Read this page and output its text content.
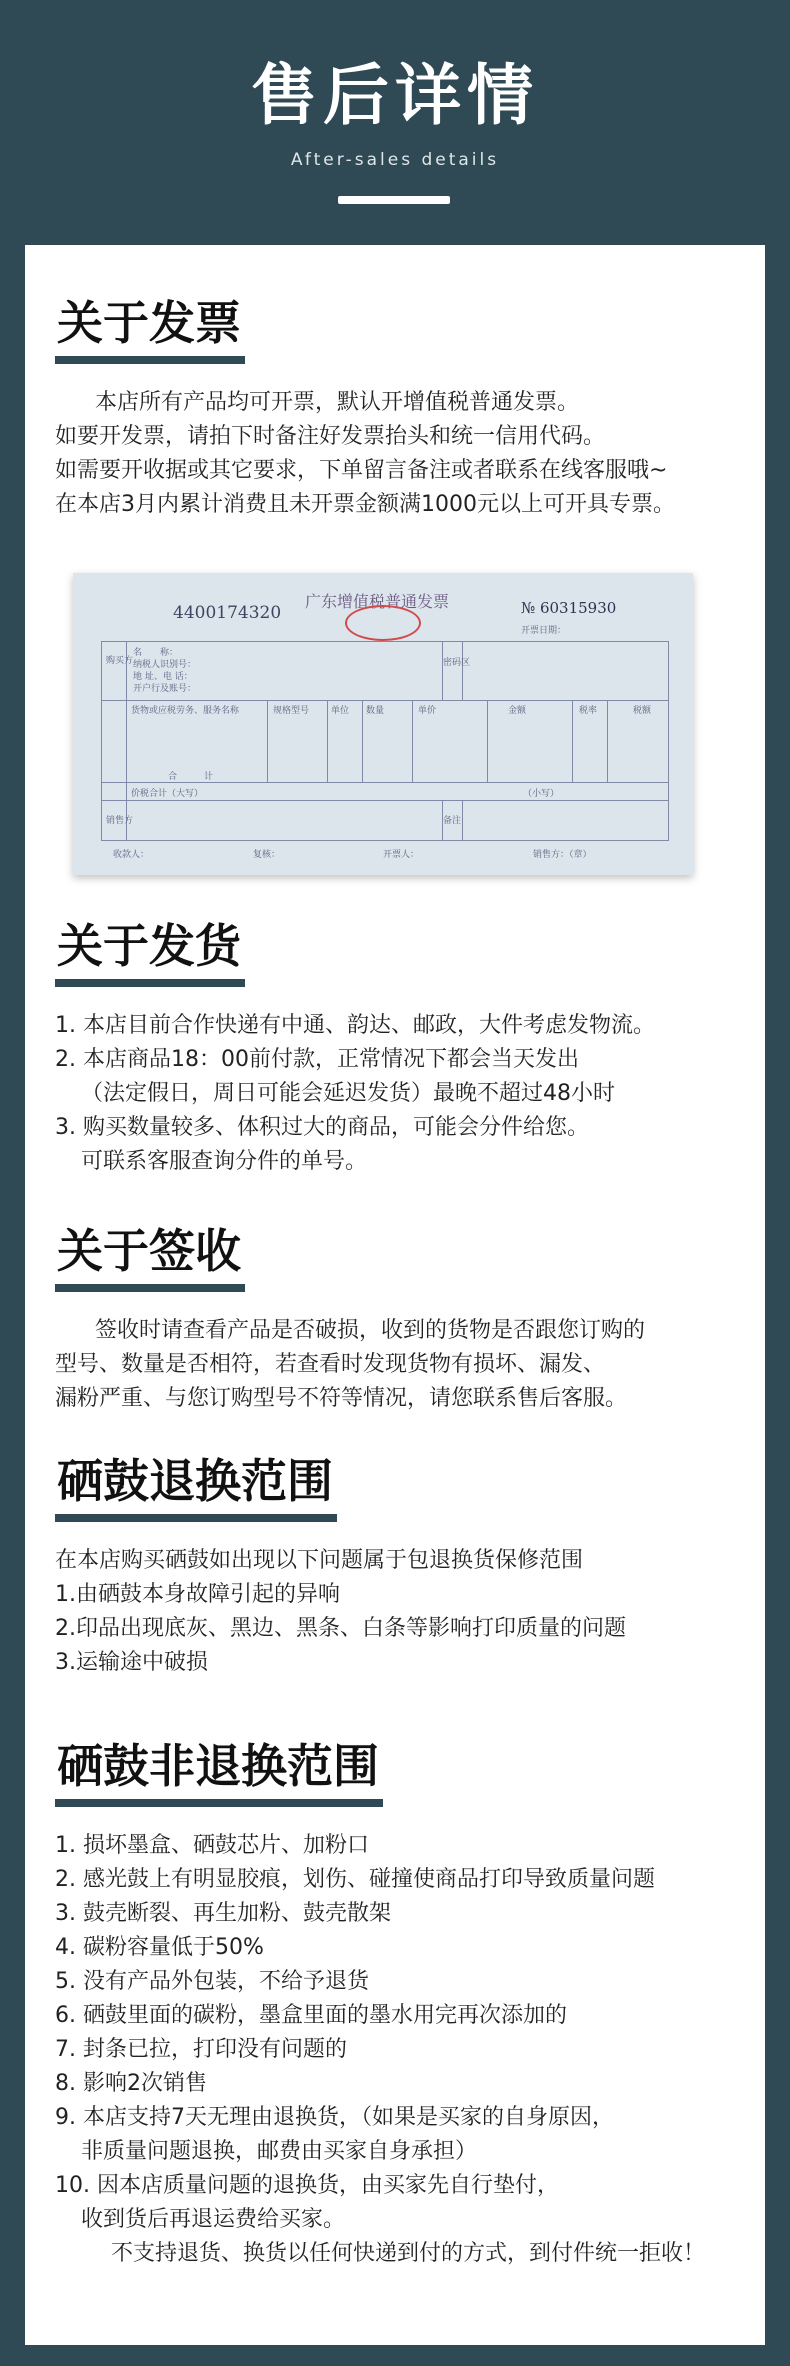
售后详情
After-sales details
关于发票
本店所有产品均可开票，默认开增值税普通发票。
如要开发票，请拍下时备注好发票抬头和统一信用代码。
如需要开收据或其它要求，下单留言备注或者联系在线客服哦~
在本店3月内累计消费且未开票金额满1000元以上可开具专票。
4400174320
广东增值税普通发票	№ 60315930
开票日期：
购买方
名　　称：
纳税人识别号：
地 址、电 话：
开户行及账号：
密码区
货物或应税劳务、服务名称	规格型号 单位 数量	单价	金额	税率	税额
合　　　计
价税合计（大写）	（小写）
销售方	备注
收款人：	复核：	开票人：	销售方：（章）
关于发货
1. 本店目前合作快递有中通、韵达、邮政，大件考虑发物流。
2. 本店商品18：00前付款，正常情况下都会当天发出
（法定假日，周日可能会延迟发货）最晚不超过48小时
3. 购买数量较多、体积过大的商品，可能会分件给您。
可联系客服查询分件的单号。
关于签收
签收时请查看产品是否破损，收到的货物是否跟您订购的
型号、数量是否相符，若查看时发现货物有损坏、漏发、
漏粉严重、与您订购型号不符等情况，请您联系售后客服。
硒鼓退换范围
在本店购买硒鼓如出现以下问题属于包退换货保修范围
1.由硒鼓本身故障引起的异响
2.印品出现底灰、黑边、黑条、白条等影响打印质量的问题
3.运输途中破损
硒鼓非退换范围
1. 损坏墨盒、硒鼓芯片、加粉口
2. 感光鼓上有明显胶痕，划伤、碰撞使商品打印导致质量问题
3. 鼓壳断裂、再生加粉、鼓壳散架
4. 碳粉容量低于50%
5. 没有产品外包装，不给予退货
6. 硒鼓里面的碳粉，墨盒里面的墨水用完再次添加的
7. 封条已拉，打印没有问题的
8. 影响2次销售
9. 本店支持7天无理由退换货，（如果是买家的自身原因，
非质量问题退换，邮费由买家自身承担）
10. 因本店质量问题的退换货，由买家先自行垫付，
收到货后再退运费给买家。
不支持退货、换货以任何快递到付的方式，到付件统一拒收！
